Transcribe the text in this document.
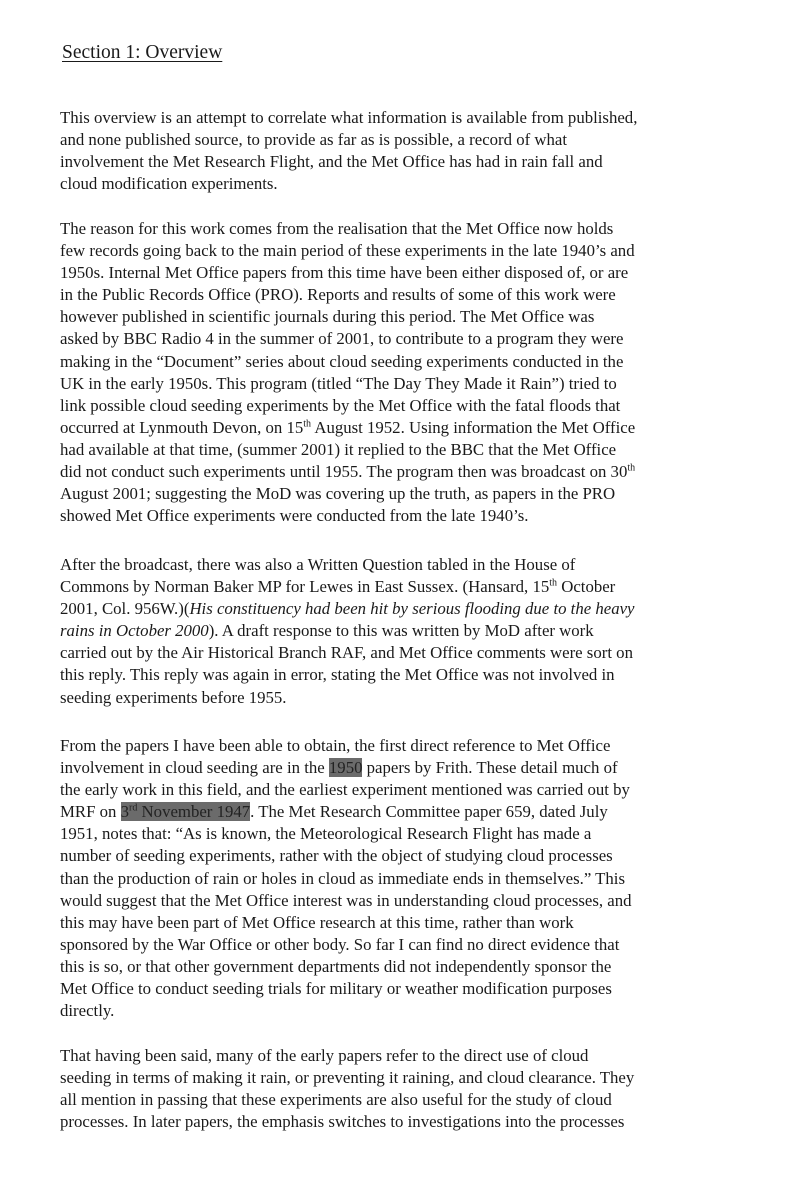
Section 1: Overview
This overview is an attempt to correlate what information is available from published,
and none published source, to provide as far as is possible, a record of what
involvement the Met Research Flight, and the Met Office has had in rain fall and
cloud modification experiments.
The reason for this work comes from the realisation that the Met Office now holds
few records going back to the main period of these experiments in the late 1940’s and
1950s. Internal Met Office papers from this time have been either disposed of, or are
in the Public Records Office (PRO). Reports and results of some of this work were
however published in scientific journals during this period. The Met Office was
asked by BBC Radio 4 in the summer of 2001, to contribute to a program they were
making in the “Document” series about cloud seeding experiments conducted in the
UK in the early 1950s. This program (titled “The Day They Made it Rain”) tried to
link possible cloud seeding experiments by the Met Office with the fatal floods that
occurred at Lynmouth Devon, on 15th August 1952. Using information the Met Office
had available at that time, (summer 2001) it replied to the BBC that the Met Office
did not conduct such experiments until 1955. The program then was broadcast on 30th
August 2001; suggesting the MoD was covering up the truth, as papers in the PRO
showed Met Office experiments were conducted from the late 1940’s.
After the broadcast, there was also a Written Question tabled in the House of
Commons by Norman Baker MP for Lewes in East Sussex. (Hansard, 15th October
2001, Col. 956W.)(His constituency had been hit by serious flooding due to the heavy
rains in October 2000). A draft response to this was written by MoD after work
carried out by the Air Historical Branch RAF, and Met Office comments were sort on
this reply. This reply was again in error, stating the Met Office was not involved in
seeding experiments before 1955.
From the papers I have been able to obtain, the first direct reference to Met Office
involvement in cloud seeding are in the 1950 papers by Frith. These detail much of
the early work in this field, and the earliest experiment mentioned was carried out by
MRF on 3rd November 1947. The Met Research Committee paper 659, dated July
1951, notes that: “As is known, the Meteorological Research Flight has made a
number of seeding experiments, rather with the object of studying cloud processes
than the production of rain or holes in cloud as immediate ends in themselves.” This
would suggest that the Met Office interest was in understanding cloud processes, and
this may have been part of Met Office research at this time, rather than work
sponsored by the War Office or other body. So far I can find no direct evidence that
this is so, or that other government departments did not independently sponsor the
Met Office to conduct seeding trials for military or weather modification purposes
directly.
That having been said, many of the early papers refer to the direct use of cloud
seeding in terms of making it rain, or preventing it raining, and cloud clearance. They
all mention in passing that these experiments are also useful for the study of cloud
processes. In later papers, the emphasis switches to investigations into the processes
